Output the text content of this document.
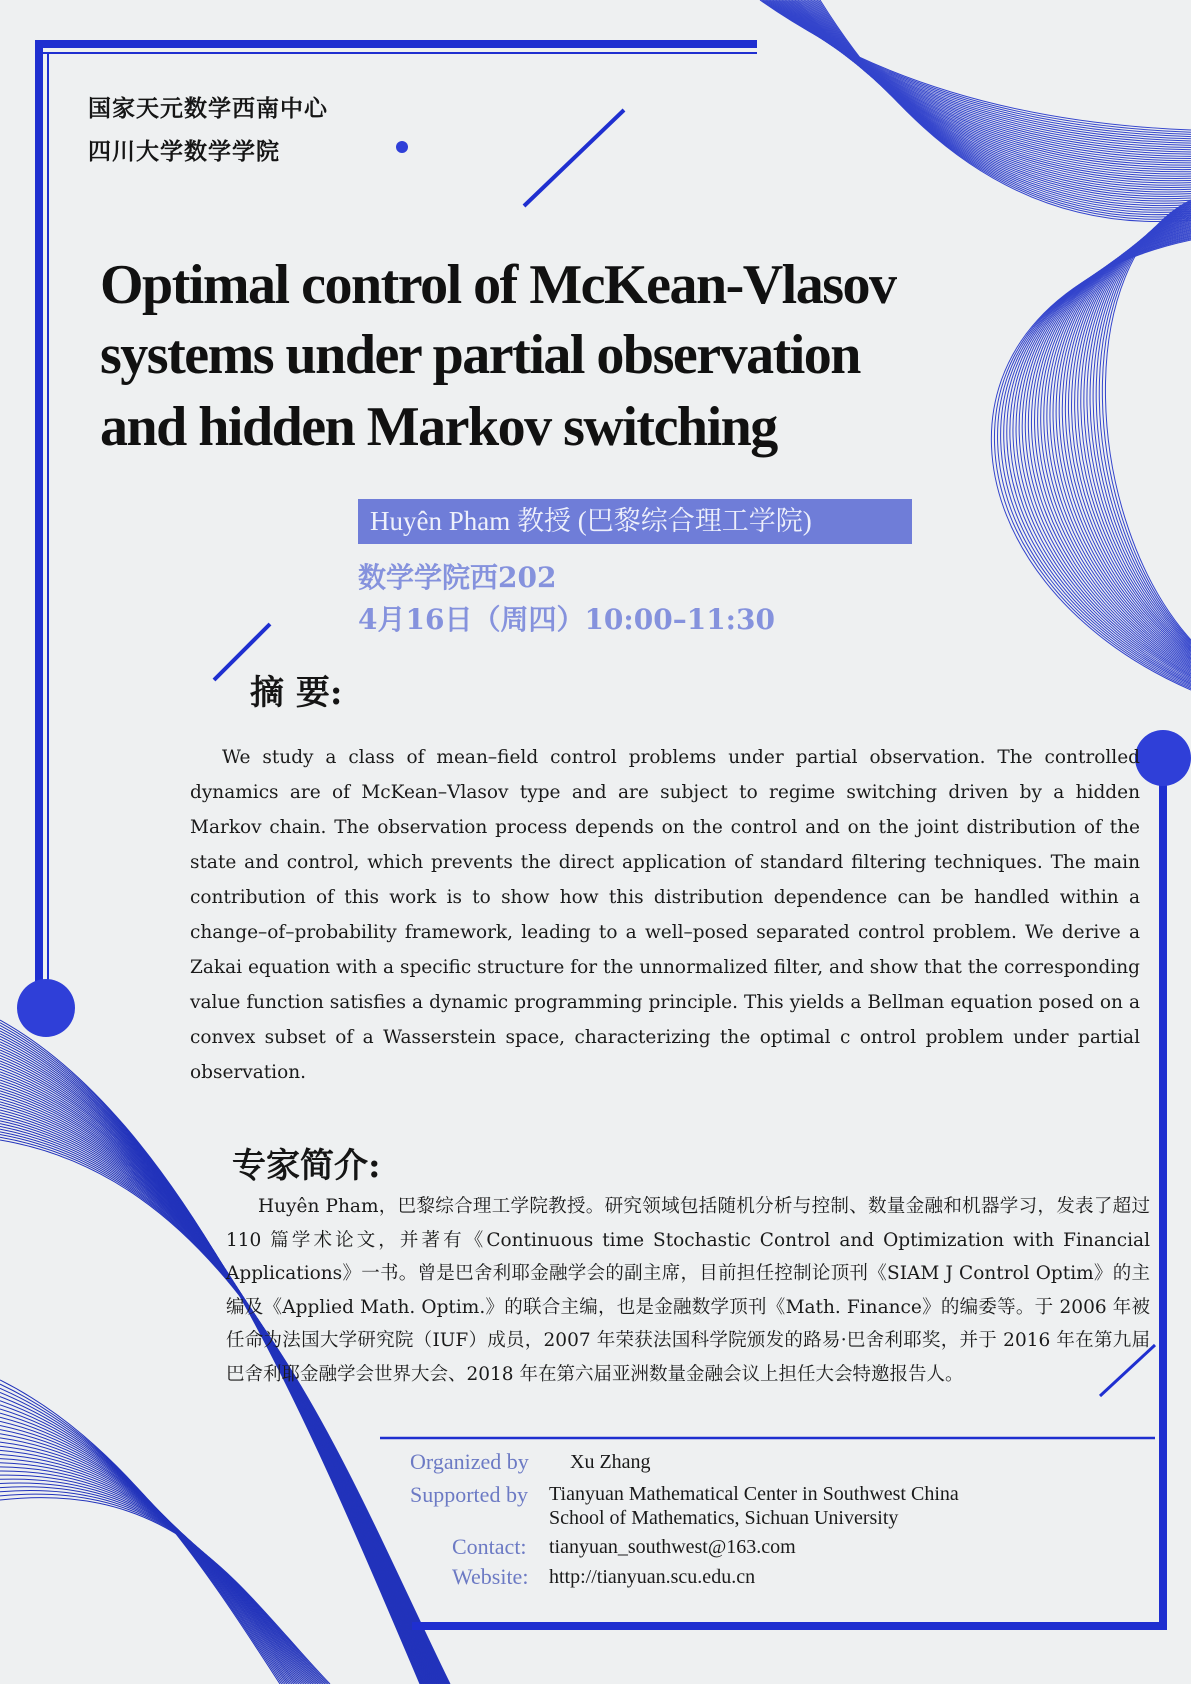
国家天元数学西南中心
四川大学数学学院
Optimal control of McKean-Vlasov
systems under partial observation
and hidden Markov switching
Huyên Pham 教授 (巴黎综合理工学院)
数学学院西202
4月16日（周四）10:00–11:30
摘 要:
We study a class of mean–field control problems under partial observation. The controlled dynamics are of McKean–Vlasov type and are subject to regime switching driven by a hidden Markov chain. The observation process depends on the control and on the joint distribution of the state and control, which prevents the direct application of standard filtering techniques. The main contribution of this work is to show how this distribution dependence can be handled within a change–of–probability framework, leading to a well–posed separated control problem. We derive a Zakai equation with a specific structure for the unnormalized filter, and show that the corresponding value function satisfies a dynamic programming principle. This yields a Bellman equation posed on a convex subset of a Wasserstein space, characterizing the optimal c ontrol problem under partial observation.
专家简介:
Huyên Pham，巴黎综合理工学院教授。研究领域包括随机分析与控制、数量金融和机器学习，发表了超过 110 篇学术论文，并著有《Continuous time Stochastic Control and Optimization with Financial Applications》一书。曾是巴舍利耶金融学会的副主席，目前担任控制论顶刊《SIAM J Control Optim》的主编及《Applied Math. Optim.》的联合主编，也是金融数学顶刊《Math. Finance》的编委等。于 2006 年被任命为法国大学研究院（IUF）成员，2007 年荣获法国科学院颁发的路易·巴舍利耶奖，并于 2016 年在第九届巴舍利耶金融学会世界大会、2018 年在第六届亚洲数量金融会议上担任大会特邀报告人。
Organized by Xu Zhang
Supported by Tianyuan Mathematical Center in Southwest China
School of Mathematics, Sichuan University
Contact: tianyuan_southwest@163.com
Website: http://tianyuan.scu.edu.cn
